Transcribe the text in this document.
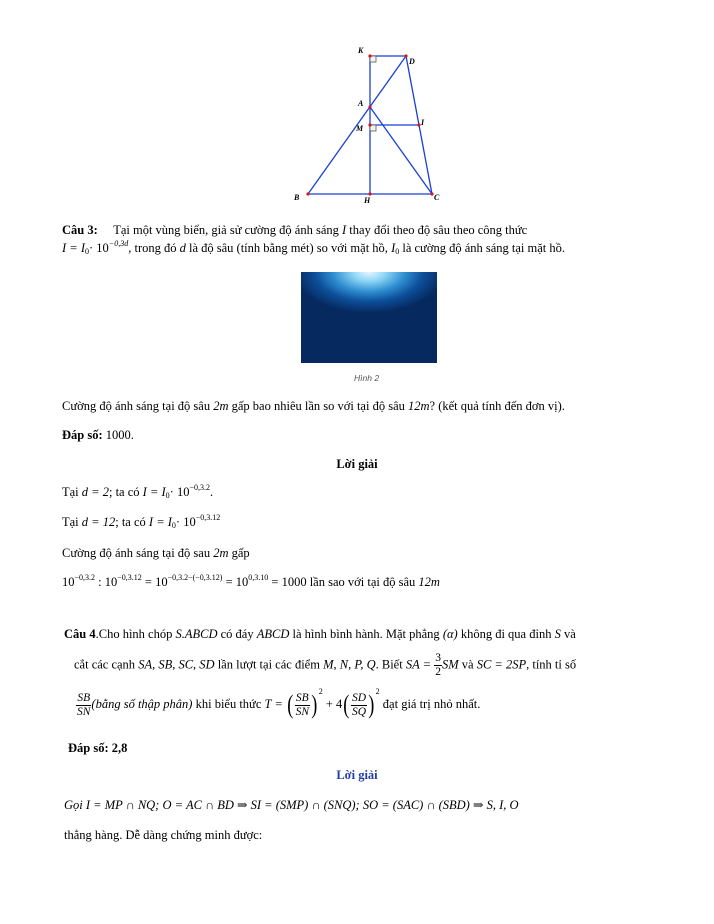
K
D
A
M
I
B	H	C
Câu 3: Tại một vùng biển, giả sử cường độ ánh sáng I thay đổi theo độ sâu theo công thức
$I = I_0\cdot 10^{-0,3d}$, trong đó d là độ sâu (tính bằng mét) so với mặt hồ, $I_0$ là cường độ ánh sáng tại mặt hồ.
Hình 2
Cường độ ánh sáng tại độ sâu 2m gấp bao nhiêu lần so với tại độ sâu 12m? (kết quả tính đến đơn vị).
Đáp số: 1000.
Lời giải
Tại d = 2; ta có $I = I_0\cdot 10^{-0,3.2}$.
Tại d = 12; ta có $I = I_0\cdot 10^{-0,3.12}$
Cường độ ánh sáng tại độ sau 2m gấp
$10^{-0,3.2}$ : $10^{-0,3.12} = 10^{-0,3.2-(-0,3.12)} = 10^{0,3.10} = 1000$ lần sao với tại độ sâu 12m
Câu 4.Cho hình chóp S.ABCD có đáy ABCD là hình bình hành. Mặt phẳng (α) không đi qua đỉnh S và
cắt các cạnh SA, SB, SC, SD lần lượt tại các điểm M, N, P, Q. Biết SA = $\frac{3}{2}$ SM và SC = 2SP, tính tỉ số
$\frac{SB}{SN}$ (bằng số thập phân) khi biểu thức T = ( $\frac{SB}{SN} )^2 + 4( \frac{SD}{SQ} )^2$ đạt giá trị nhỏ nhất.
Đáp số: 2,8
Lời giải
Gọi I = MP ∩ NQ; O = AC ∩ BD ⇒ SI = (SMP) ∩ (SNQ); SO = (SAC) ∩ (SBD) ⇒ S, I, O
thẳng hàng. Dễ dàng chứng minh được:
